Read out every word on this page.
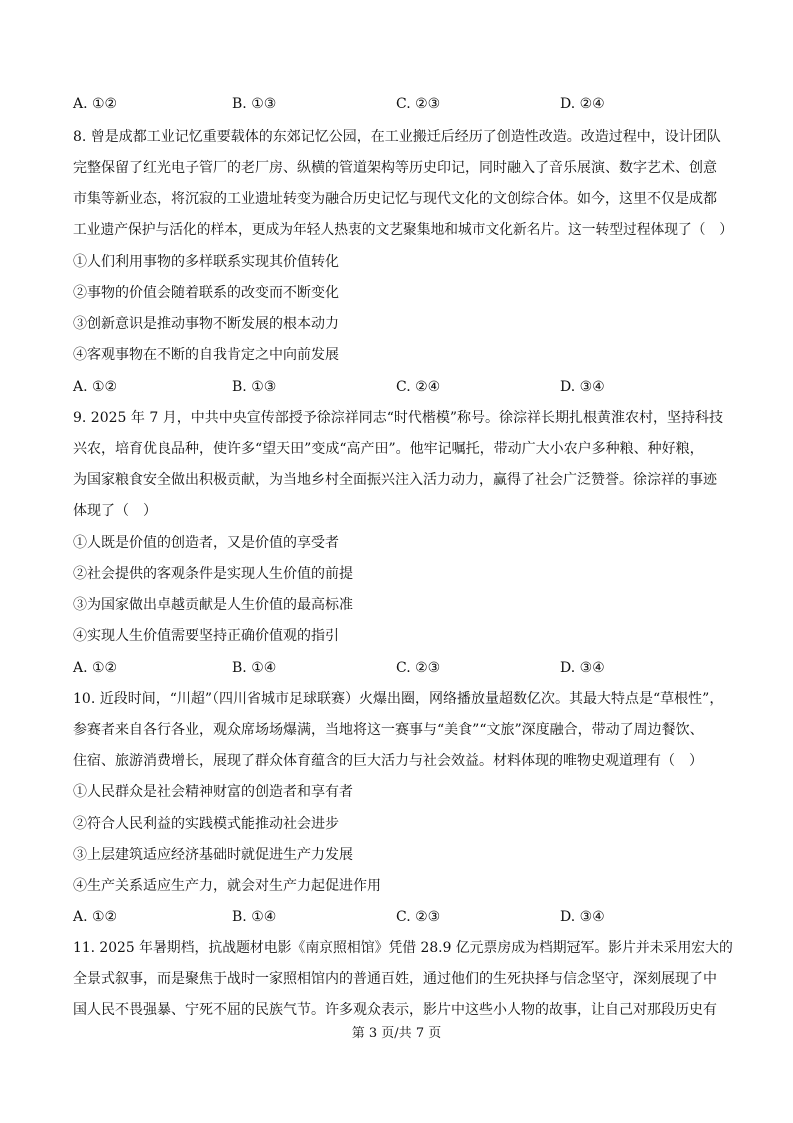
A. ①②	B. ①③	C. ②③	D. ②④
8. 曾是成都工业记忆重要载体的东郊记忆公园，在工业搬迁后经历了创造性改造。改造过程中，设计团队
完整保留了红光电子管厂的老厂房、纵横的管道架构等历史印记，同时融入了音乐展演、数字艺术、创意
市集等新业态，将沉寂的工业遗址转变为融合历史记忆与现代文化的文创综合体。如今，这里不仅是成都
工业遗产保护与活化的样本，更成为年轻人热衷的文艺聚集地和城市文化新名片。这一转型过程体现了（　）
①人们利用事物的多样联系实现其价值转化
②事物的价值会随着联系的改变而不断变化
③创新意识是推动事物不断发展的根本动力
④客观事物在不断的自我肯定之中向前发展
A. ①②	B. ①③	C. ②④	D. ③④
9. 2025 年 7 月，中共中央宣传部授予徐淙祥同志“时代楷模”称号。徐淙祥长期扎根黄淮农村，坚持科技
兴农，培育优良品种，使许多“望天田”变成“高产田”。他牢记嘱托，带动广大小农户多种粮、种好粮，
为国家粮食安全做出积极贡献，为当地乡村全面振兴注入活力动力，赢得了社会广泛赞誉。徐淙祥的事迹
体现了（　）
①人既是价值的创造者，又是价值的享受者
②社会提供的客观条件是实现人生价值的前提
③为国家做出卓越贡献是人生价值的最高标准
④实现人生价值需要坚持正确价值观的指引
A. ①②	B. ①④	C. ②③	D. ③④
10. 近段时间，“川超”（四川省城市足球联赛）火爆出圈，网络播放量超数亿次。其最大特点是“草根性”，
参赛者来自各行各业，观众席场场爆满，当地将这一赛事与“美食”“文旅”深度融合，带动了周边餐饮、
住宿、旅游消费增长，展现了群众体育蕴含的巨大活力与社会效益。材料体现的唯物史观道理有（　）
①人民群众是社会精神财富的创造者和享有者
②符合人民利益的实践模式能推动社会进步
③上层建筑适应经济基础时就促进生产力发展
④生产关系适应生产力，就会对生产力起促进作用
A. ①②	B. ①④	C. ②③	D. ③④
11. 2025 年暑期档，抗战题材电影《南京照相馆》凭借 28.9 亿元票房成为档期冠军。影片并未采用宏大的
全景式叙事，而是聚焦于战时一家照相馆内的普通百姓，通过他们的生死抉择与信念坚守，深刻展现了中
国人民不畏强暴、宁死不屈的民族气节。许多观众表示，影片中这些小人物的故事，让自己对那段历史有
第 3 页/共 7 页
